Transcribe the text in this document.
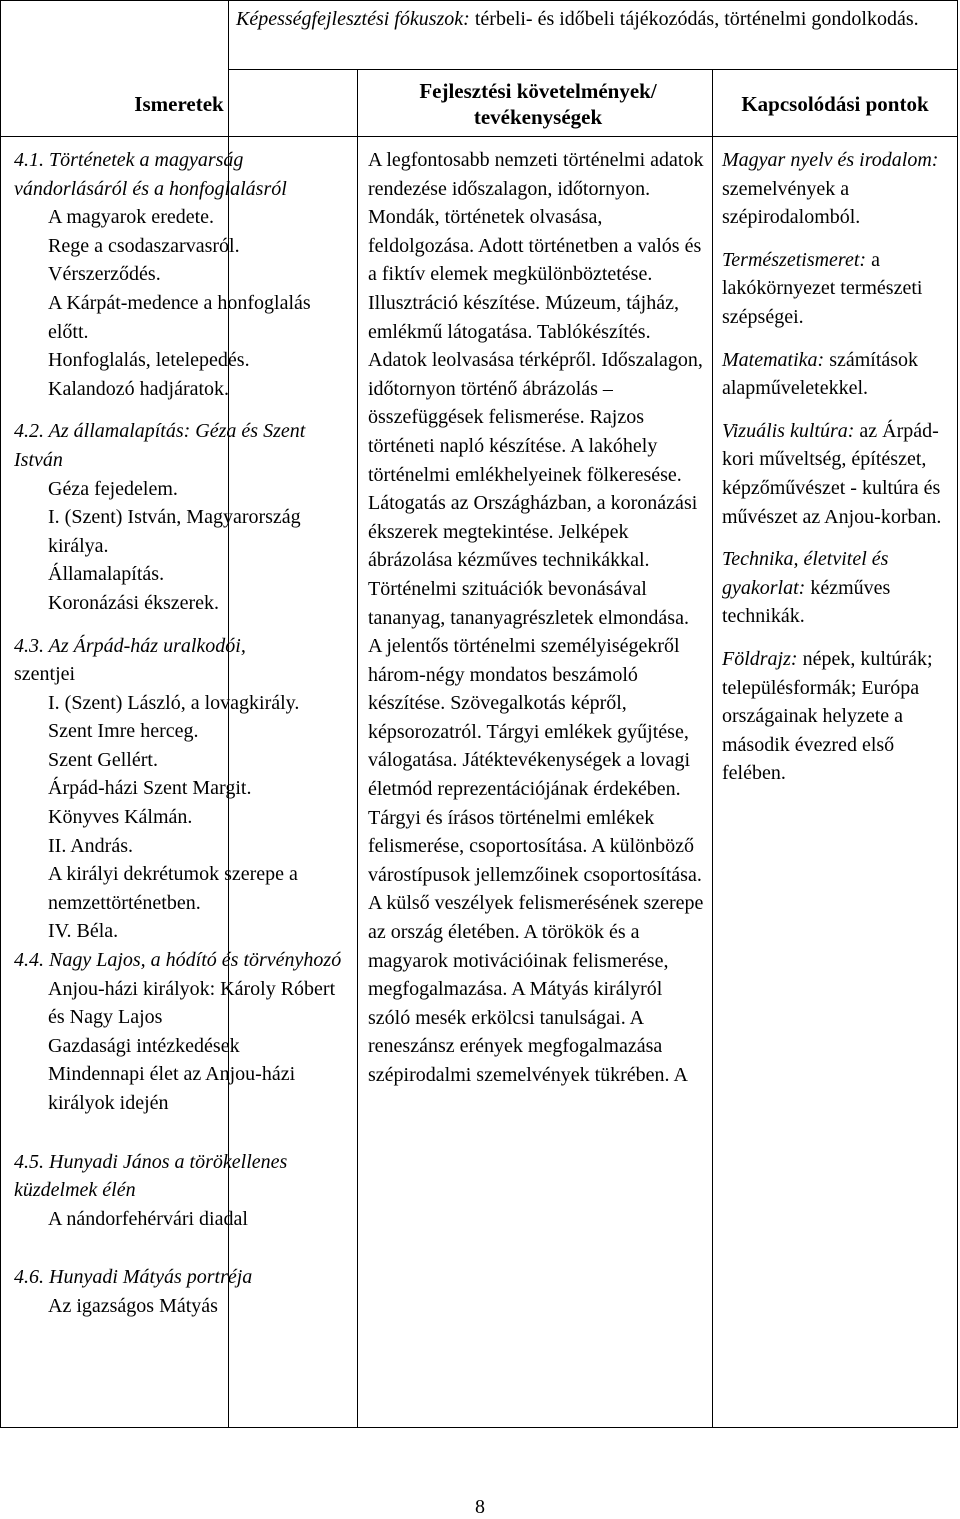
Képességfejlesztési fókuszok: térbeli- és időbeli tájékozódás, történelmi gondolkodás.
Ismeretek
Fejlesztési követelmények/ tevékenységek
Kapcsolódási pontok

4.1. Történetek a magyarság vándorlásáról és a honfoglalásról

A magyarok eredete.

Rege a csodaszarvasról.

Vérszerződés.

A Kárpát-medence a honfoglalás előtt.

Honfoglalás, letelepedés.

Kalandozó hadjáratok.

4.2. Az államalapítás: Géza és Szent István

Géza fejedelem.

I. (Szent) István, Magyarország királya.

Államalapítás.

Koronázási ékszerek.

4.3. Az Árpád-ház uralkodói,

szentjei

I. (Szent) László, a lovagkirály.

Szent Imre herceg.

Szent Gellért.

Árpád-házi Szent Margit.

Könyves Kálmán.

II. András.

A királyi dekrétumok szerepe a nemzettörténetben.

IV. Béla.

4.4. Nagy Lajos, a hódító és törvényhozó

Anjou-házi királyok: Károly Róbert és Nagy Lajos

Gazdasági intézkedések

Mindennapi élet az Anjou-házi királyok idején

4.5. Hunyadi János a törökellenes küzdelmek élén

A nándorfehérvári diadal

4.6. Hunyadi Mátyás portréja

Az igazságos Mátyás

A legfontosabb nemzeti történelmi adatok rendezése időszalagon, időtornyon. Mondák, történetek olvasása, feldolgozása. Adott történetben a valós és a fiktív elemek megkülönböztetése. Illusztráció készítése. Múzeum, tájház, emlékmű látogatása. Tablókészítés. Adatok leolvasása térképről. Időszalagon, időtornyon történő ábrázolás – összefüggések felismerése. Rajzos történeti napló készítése. A lakóhely történelmi emlékhelyeinek fölkeresése. Látogatás az Országházban, a koronázási ékszerek megtekintése. Jelképek ábrázolása kézműves technikákkal. Történelmi szituációk bevonásával tananyag, tananyagrészletek elmondása. A jelentős történelmi személyiségekről három-négy mondatos beszámoló készítése. Szövegalkotás képről, képsorozatról. Tárgyi emlékek gyűjtése, válogatása. Játéktevékenységek a lovagi életmód reprezentációjának érdekében. Tárgyi és írásos történelmi emlékek felismerése, csoportosítása. A különböző várostípusok jellemzőinek csoportosítása. A külső veszélyek felismerésének szerepe az ország életében. A törökök és a magyarok motivációinak felismerése, megfogalmazása. A Mátyás királyról szóló mesék erkölcsi tanulságai. A reneszánsz erények megfogalmazása szépirodalmi szemelvények tükrében. A

Magyar nyelv és irodalom: szemelvények a szépirodalomból.

Természetismeret: a lakókörnyezet természeti szépségei.

Matematika: számítások alapműveletekkel.

Vizuális kultúra: az Árpád-kori műveltség, építészet, képzőművészet - kultúra és művészet az Anjou-korban.

Technika, életvitel és gyakorlat: kézműves technikák.

Földrajz: népek, kultúrák; településformák; Európa országainak helyzete a második évezred első felében.

8
